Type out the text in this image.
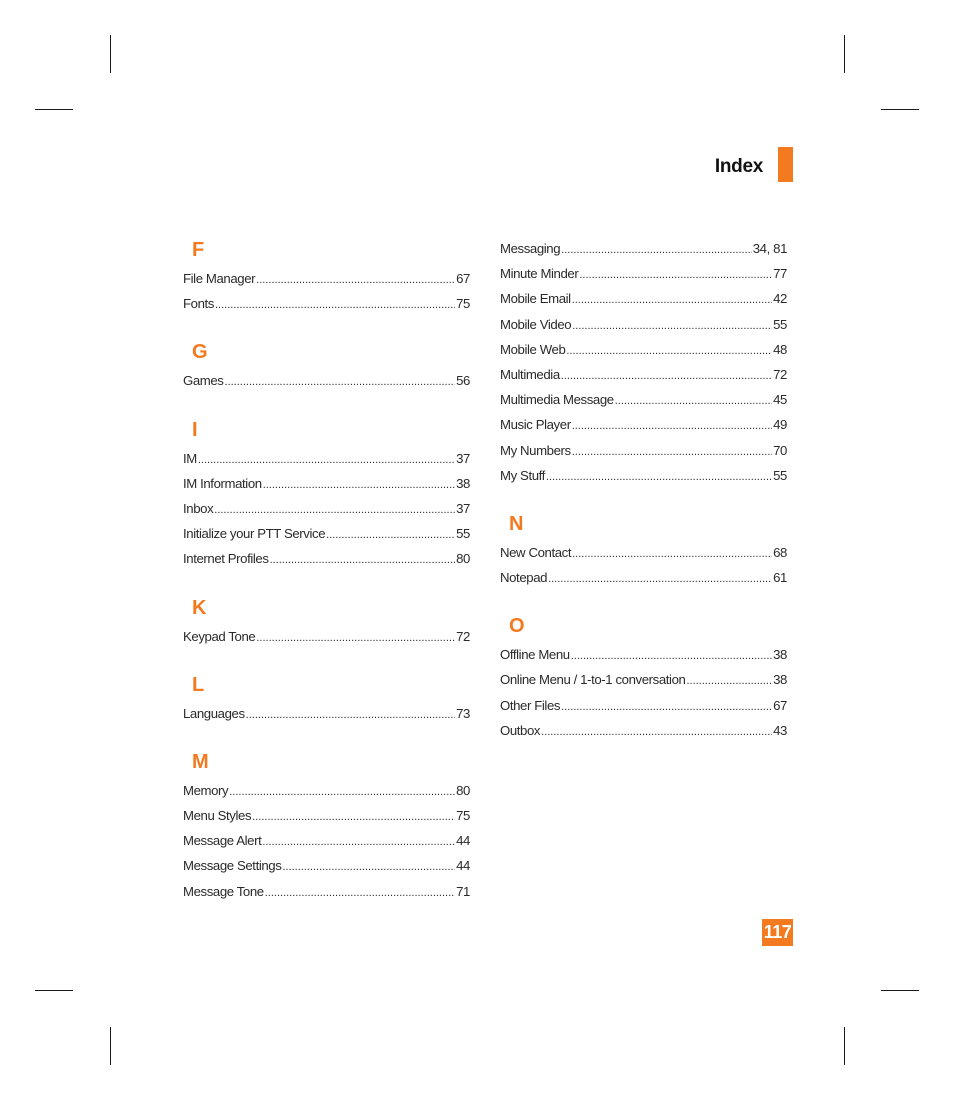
Index
F
File Manager .....	67
Fonts .....	75
G
Games .....	56
I
IM .....	37
IM Information .....	38
Inbox .....	37
Initialize your PTT Service .....	55
Internet Profiles .....	80
K
Keypad Tone .....	72
L
Languages .....	73
M
Memory .....	80
Menu Styles .....	75
Message Alert .....	44
Message Settings .....	44
Message Tone .....	71
Messaging .....	34, 81
Minute Minder .....	77
Mobile Email .....	42
Mobile Video .....	55
Mobile Web .....	48
Multimedia .....	72
Multimedia Message .....	45
Music Player .....	49
My Numbers .....	70
My Stuff .....	55
N
New Contact .....	68
Notepad .....	61
O
Offline Menu .....	38
Online Menu / 1-to-1 conversation .....	38
Other Files .....	67
Outbox .....	43
117
